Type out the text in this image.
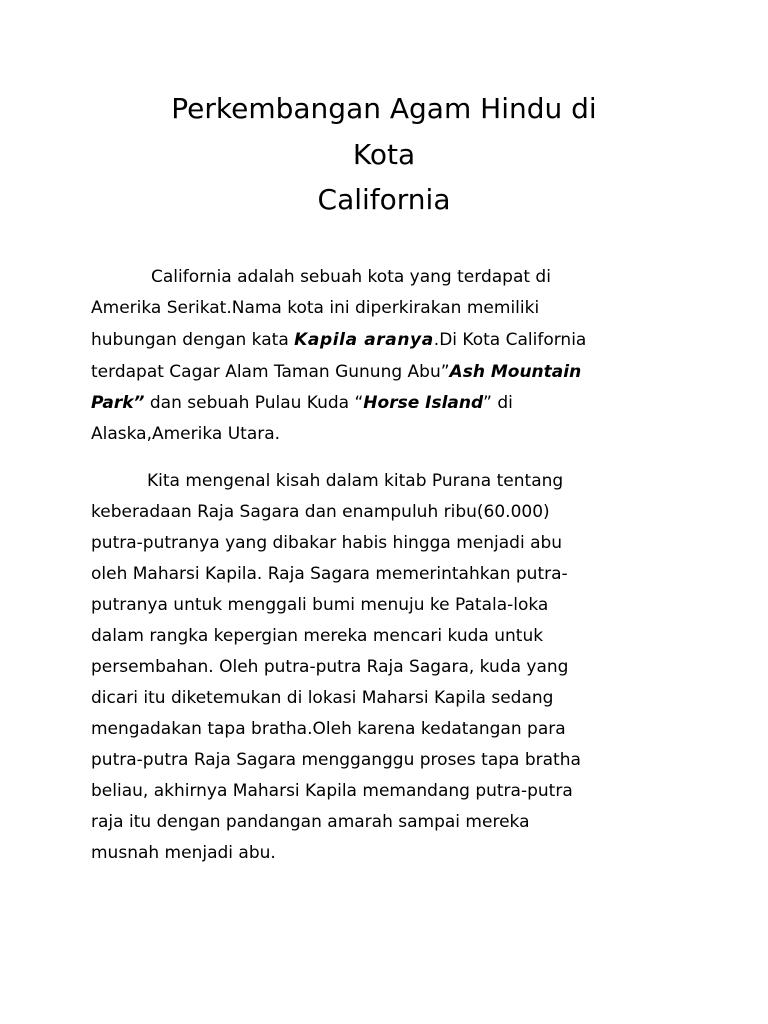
Perkembangan Agam Hindu di
Kota
California
California adalah sebuah kota yang terdapat di
Amerika Serikat.Nama kota ini diperkirakan memiliki
hubungan dengan kata Kapila aranya.Di Kota California
terdapat Cagar Alam Taman Gunung Abu”Ash Mountain
Park” dan sebuah Pulau Kuda “Horse Island” di
Alaska,Amerika Utara.
Kita mengenal kisah dalam kitab Purana tentang
keberadaan Raja Sagara dan enampuluh ribu(60.000)
putra-putranya yang dibakar habis hingga menjadi abu
oleh Maharsi Kapila. Raja Sagara memerintahkan putra-
putranya untuk menggali bumi menuju ke Patala-loka
dalam rangka kepergian mereka mencari kuda untuk
persembahan. Oleh putra-putra Raja Sagara, kuda yang
dicari itu diketemukan di lokasi Maharsi Kapila sedang
mengadakan tapa bratha.Oleh karena kedatangan para
putra-putra Raja Sagara mengganggu proses tapa bratha
beliau, akhirnya Maharsi Kapila memandang putra-putra
raja itu dengan pandangan amarah sampai mereka
musnah menjadi abu.
